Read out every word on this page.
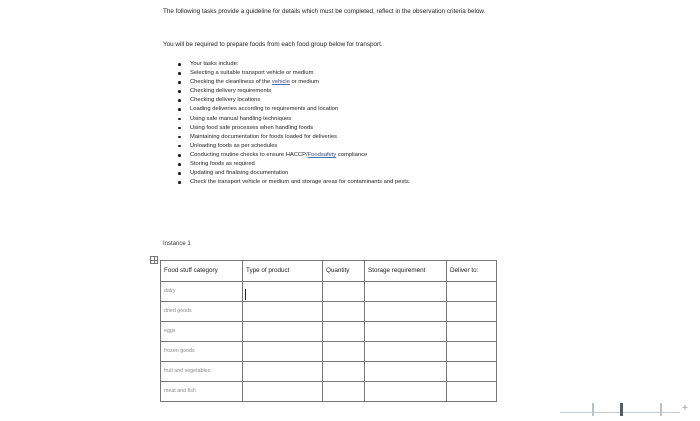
The following tasks provide a guideline for details which must be completed, reflect in the observation criteria below.
You will be required to prepare foods from each food group below for transport.
Your tasks include:
Selecting a suitable transport vehicle or medium
Checking the cleanliness of the vehicle or medium
Checking delivery requirements
Checking delivery locations
Loading deliveries according to requirements and location
Using safe manual handling techniques
Using food safe processes when handling foods
Maintaining documentation for foods loaded for deliveries
Unloading foods as per schedules
Conducting routine checks to ensure HACCP/Foodsafety compliance
Storing foods as required
Updating and finalising documentation
Check the transport vehicle or medium and storage areas for contaminants and pests.
Instance 1
Food stuff category	Type of product	Quantity	Storage requirement	Deliver to:
dairy				
dried goods				
eggs				
frozen goods				
fruit and vegetables				
meat and fish				
+
